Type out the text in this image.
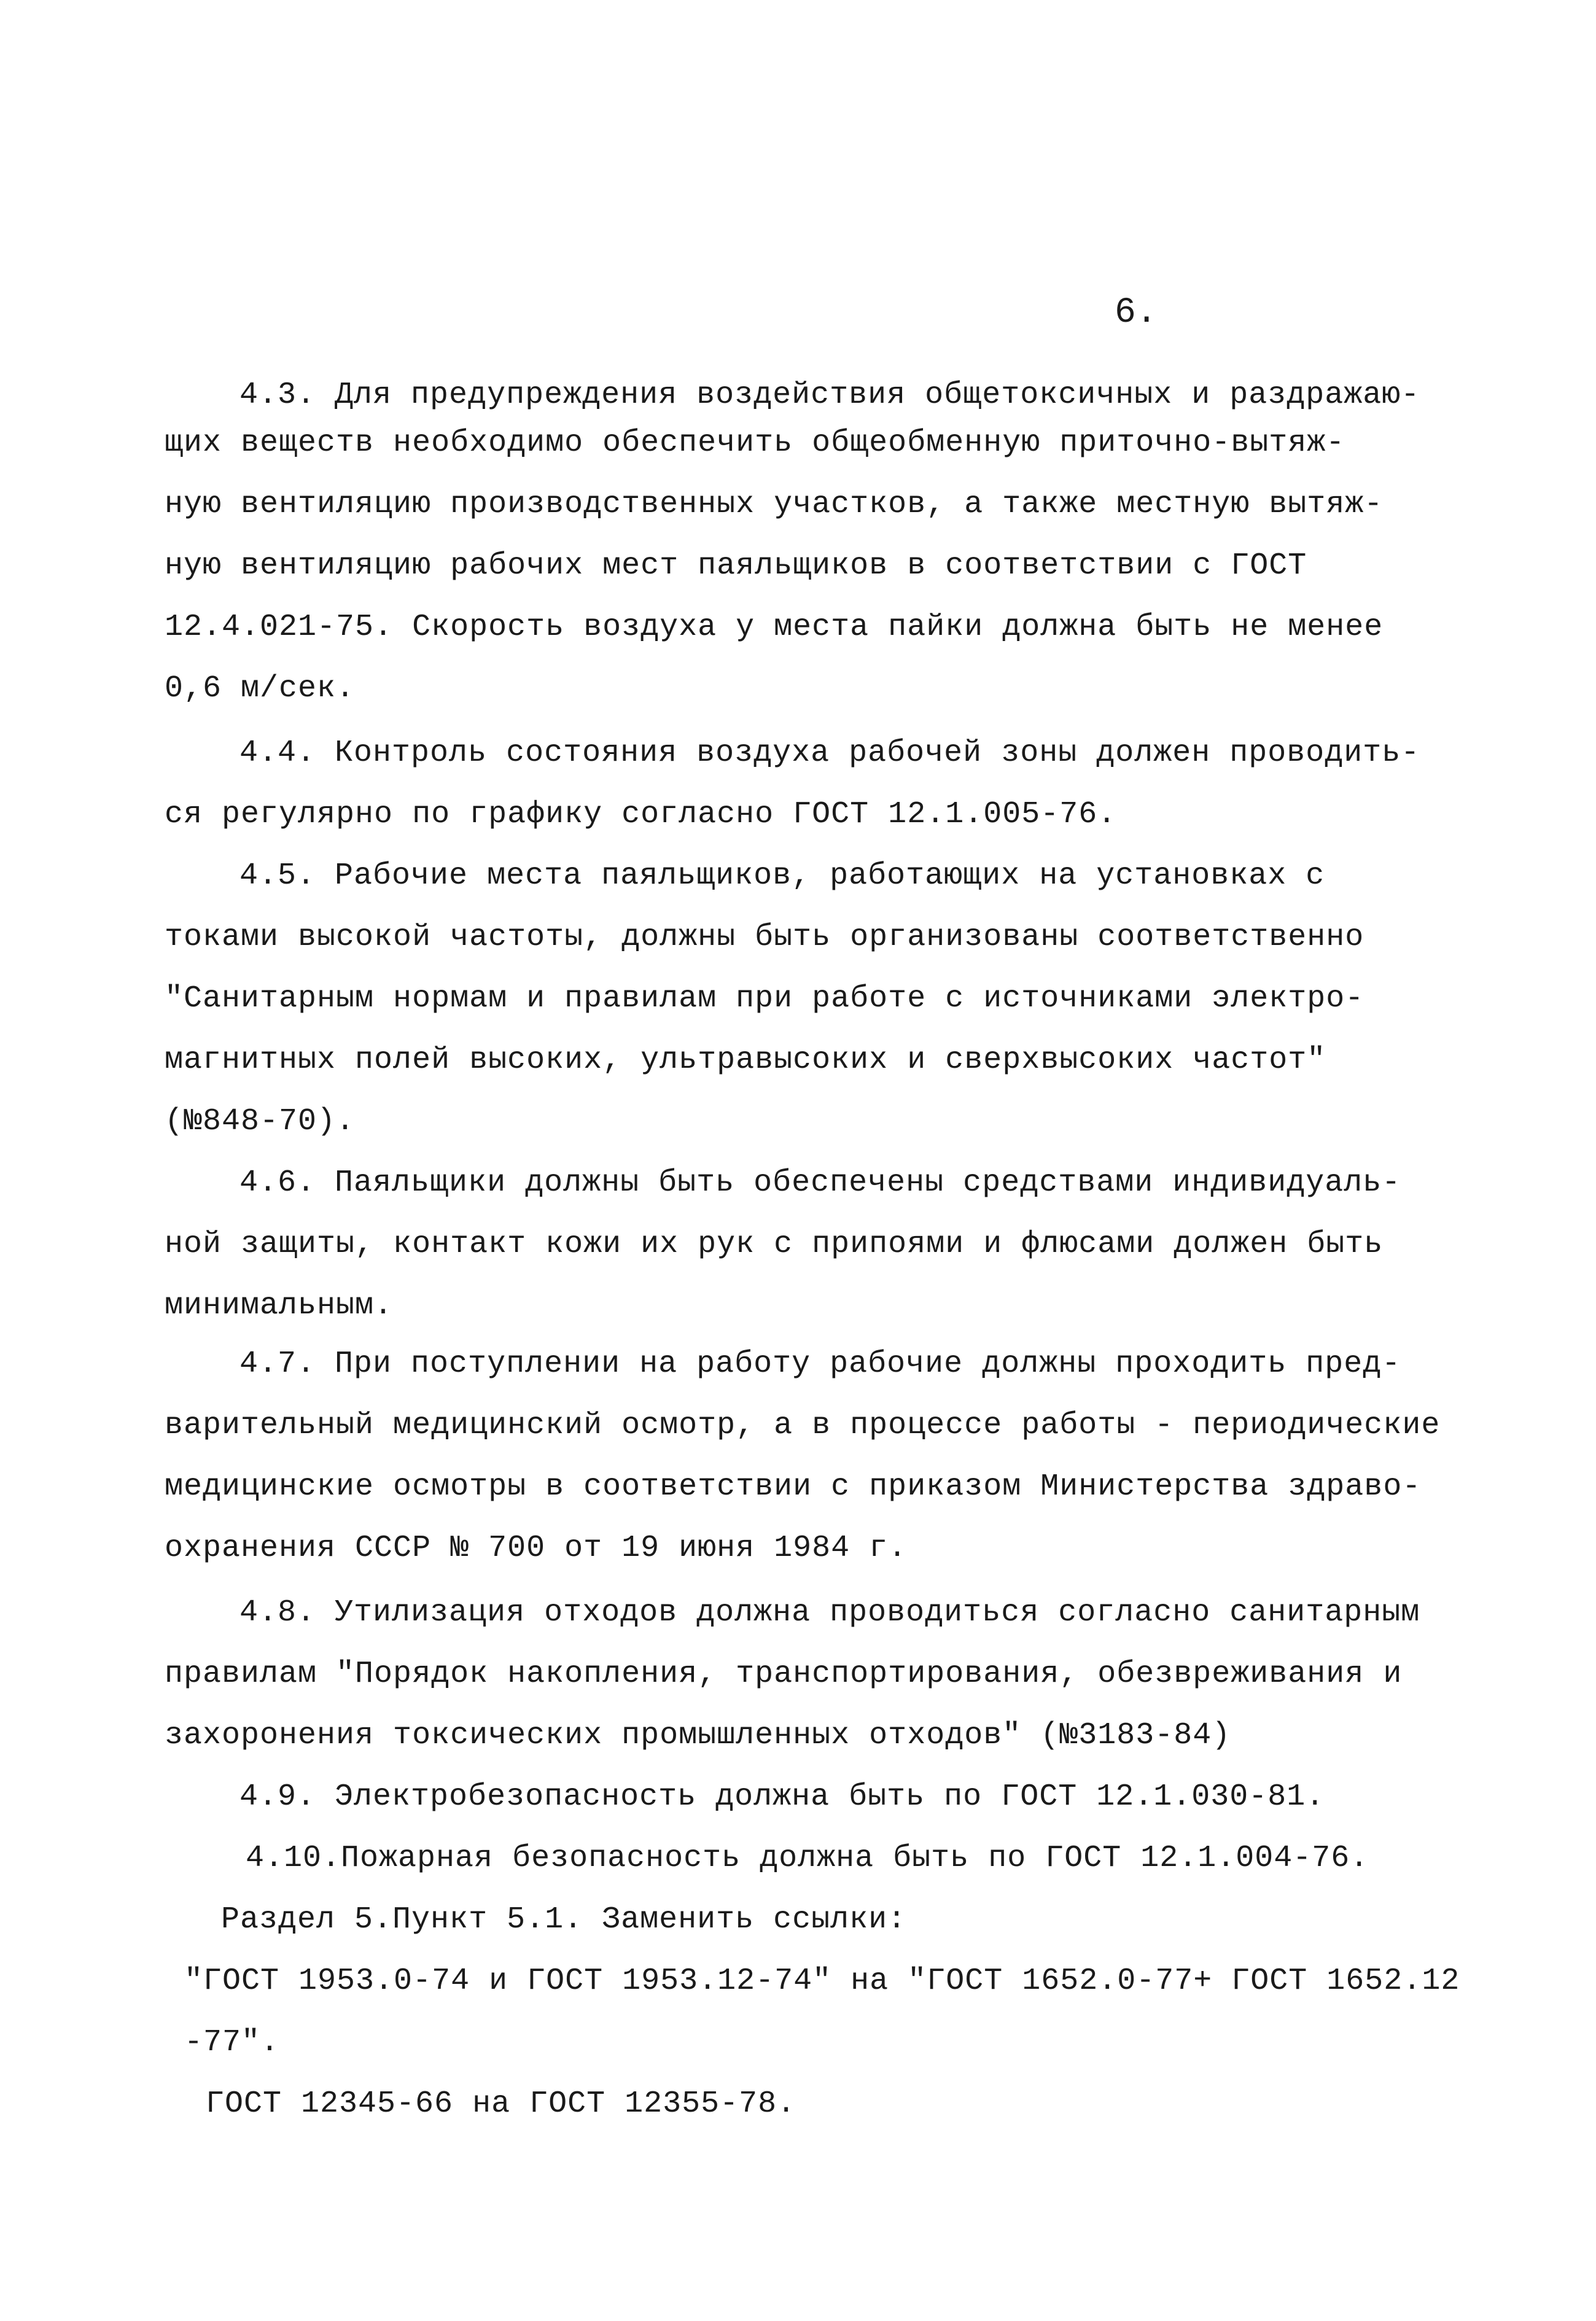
6.
4.3. Для предупреждения воздействия общетоксичных и раздражаю-
щих веществ необходимо обеспечить общеобменную приточно-вытяж-
ную вентиляцию производственных участков, а также местную вытяж-
ную вентиляцию рабочих мест паяльщиков в соответствии с ГОСТ
12.4.021-75. Скорость воздуха у места пайки должна быть не менее
0,6 м/сек.
4.4. Контроль состояния воздуха рабочей зоны должен проводить-
ся регулярно по графику согласно ГОСТ 12.1.005-76.
4.5. Рабочие места паяльщиков, работающих на установках с
токами высокой частоты, должны быть организованы соответственно
"Санитарным нормам и правилам при работе с источниками электро-
магнитных полей высоких, ультравысоких и сверхвысоких частот"
(№848-70).
4.6. Паяльщики должны быть обеспечены средствами индивидуаль-
ной защиты, контакт кожи их рук с припоями и флюсами должен быть
минимальным.
4.7. При поступлении на работу рабочие должны проходить пред-
варительный медицинский осмотр, а в процессе работы - периодические
медицинские осмотры в соответствии с приказом Министерства здраво-
охранения СССР № 700 от 19 июня 1984 г.
4.8. Утилизация отходов должна проводиться согласно санитарным
правилам "Порядок накопления, транспортирования, обезвреживания и
захоронения токсических промышленных отходов" (№3183-84)
4.9. Электробезопасность должна быть по ГОСТ 12.1.030-81.
4.10.Пожарная безопасность должна быть по ГОСТ 12.1.004-76.
Раздел 5.Пункт 5.1. Заменить ссылки:
"ГОСТ 1953.0-74 и ГОСТ 1953.12-74" на "ГОСТ 1652.0-77+ ГОСТ 1652.12
-77".
ГОСТ 12345-66 на ГОСТ 12355-78.
